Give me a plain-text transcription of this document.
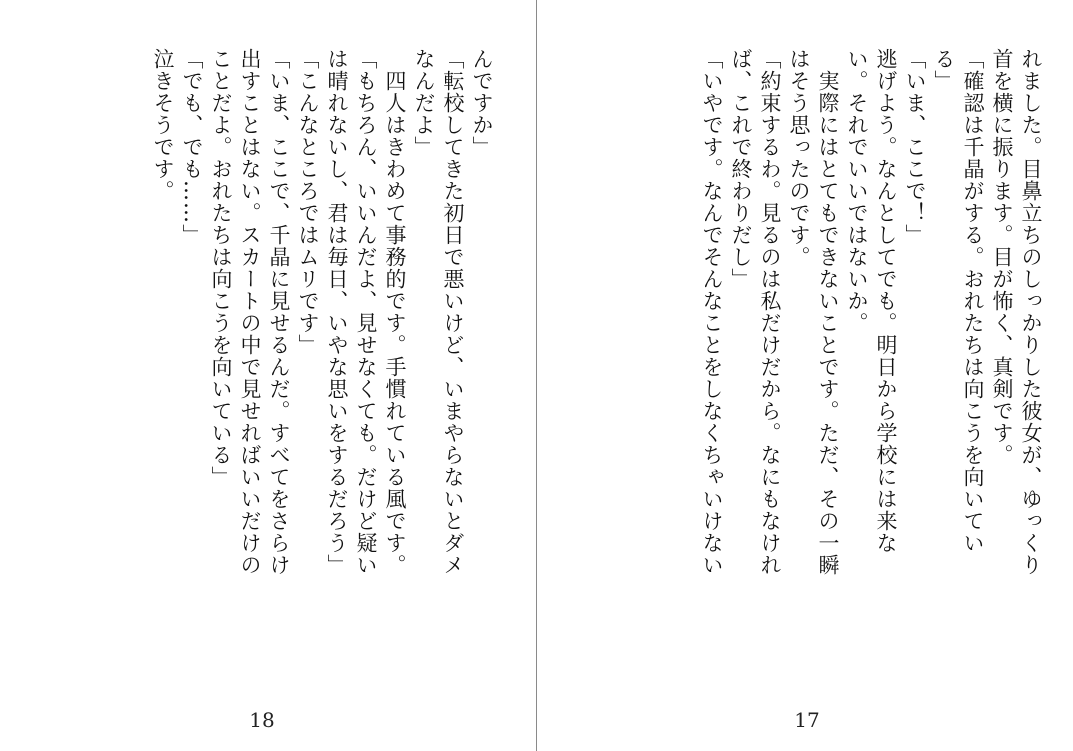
んですか」
「転校してきた初日で悪いけど、いまやらないとダメ
なんだよ」
　四人はきわめて事務的です。手慣れている風です。
「もちろん、いいんだよ、見せなくても。だけど疑い
は晴れないし、君は毎日、いやな思いをするだろう」
「こんなところではムリです」
「いま、ここで、千晶に見せるんだ。すべてをさらけ
出すことはない。スカートの中で見せればいいだけの
ことだよ。おれたちは向こうを向いている」
「でも、でも……」
泣きそうです。
18
れました。目鼻立ちのしっかりした彼女が、ゆっくり
首を横に振ります。目が怖く、真剣です。
「確認は千晶がする。おれたちは向こうを向いてい
る」
「いま、ここで！」
逃げよう。なんとしてでも。明日から学校には来な
い。それでいいではないか。
　実際にはとてもできないことです。ただ、その一瞬
はそう思ったのです。
「約束するわ。見るのは私だけだから。なにもなけれ
ば、これで終わりだし」
「いやです。なんでそんなことをしなくちゃいけない
17
